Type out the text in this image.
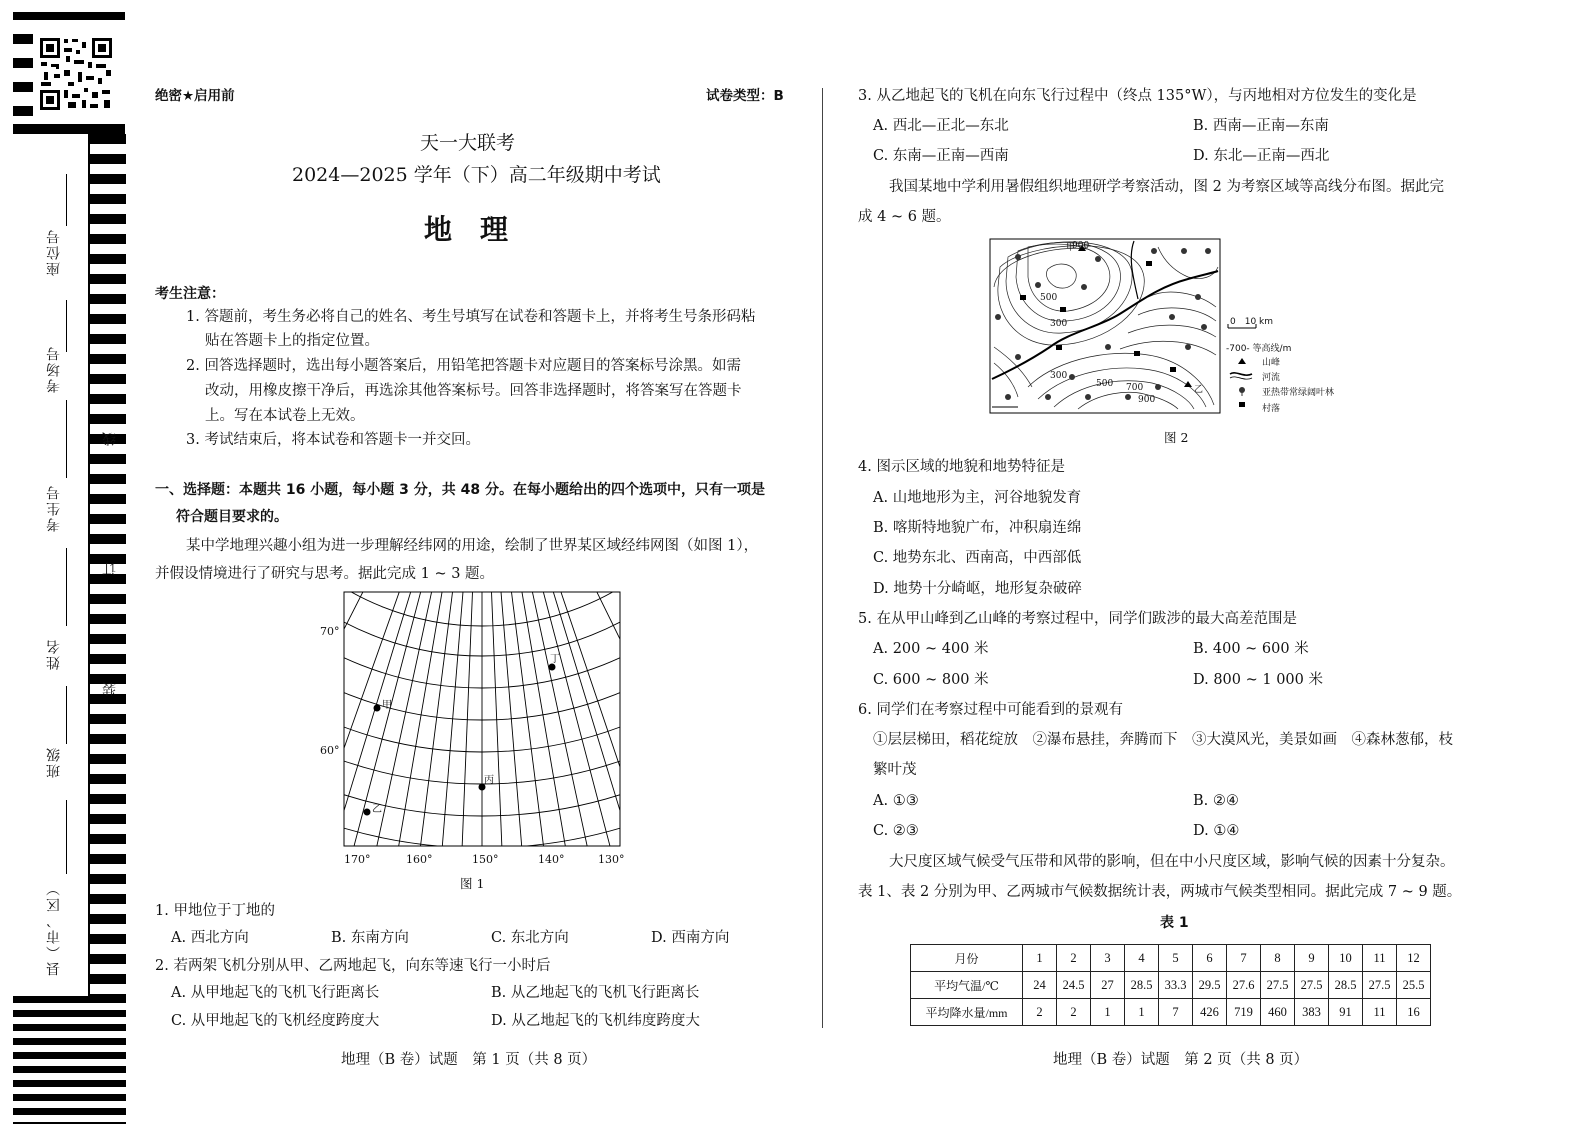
座位号
考场号
考生号
姓名
班级
县（市、区）
线
订
装
绝密★启用前	试卷类型：B
天一大联考
2024—2025 学年（下）高二年级期中考试
地　理
考生注意：
1. 答题前，考生务必将自己的姓名、考生号填写在试卷和答题卡上，并将考生号条形码粘
贴在答题卡上的指定位置。
2. 回答选择题时，选出每小题答案后，用铅笔把答题卡对应题目的答案标号涂黑。如需
改动，用橡皮擦干净后，再选涂其他答案标号。回答非选择题时，将答案写在答题卡
上。写在本试卷上无效。
3. 考试结束后，将本试卷和答题卡一并交回。
一、选择题：本题共 16 小题，每小题 3 分，共 48 分。在每小题给出的四个选项中，只有一项是
符合题目要求的。
某中学地理兴趣小组为进一步理解经纬网的用途，绘制了世界某区域经纬网图（如图 1），
并假设情境进行了研究与思考。据此完成 1 ~ 3 题。
70°
60°
170°	160°	150°	140°	130°
甲
乙
丙
丁
图 1
1. 甲地位于丁地的
A. 西北方向	B. 东南方向	C. 东北方向	D. 西南方向
2. 若两架飞机分别从甲、乙两地起飞，向东等速飞行一小时后
A. 从甲地起飞的飞机飞行距离长	B. 从乙地起飞的飞机飞行距离长
C. 从甲地起飞的飞机经度跨度大	D. 从乙地起飞的飞机纬度跨度大
地理（B 卷）试题　第 1 页（共 8 页）
3. 从乙地起飞的飞机在向东飞行过程中（终点 135°W），与丙地相对方位发生的变化是
A. 西北—正北—东北	B. 西南—正南—东南
C. 东南—正南—西南	D. 东北—正南—西北
我国某地中学利用暑假组织地理研学考察活动，图 2 为考察区域等高线分布图。据此完
成 4 ~ 6 题。
900
500
300
300
500 700
900
甲
乙
0　10 km
-700- 等高线/m
山峰
河流
亚热带常绿阔叶林
村落
图 2
4. 图示区域的地貌和地势特征是
A. 山地地形为主，河谷地貌发育
B. 喀斯特地貌广布，冲积扇连绵
C. 地势东北、西南高，中西部低
D. 地势十分崎岖，地形复杂破碎
5. 在从甲山峰到乙山峰的考察过程中，同学们跋涉的最大高差范围是
A. 200 ~ 400 米	B. 400 ~ 600 米
C. 600 ~ 800 米	D. 800 ~ 1 000 米
6. 同学们在考察过程中可能看到的景观有
①层层梯田，稻花绽放　②瀑布悬挂，奔腾而下　③大漠风光，美景如画　④森林葱郁，枝
繁叶茂
A. ①③	B. ②④
C. ②③	D. ①④
大尺度区域气候受气压带和风带的影响，但在中小尺度区域，影响气候的因素十分复杂。
表 1、表 2 分别为甲、乙两城市气候数据统计表，两城市气候类型相同。据此完成 7 ~ 9 题。
表 1
月份	1	2	3	4	5	6	7	8	9	10	11	12
平均气温/℃	24	24.5	27	28.5	33.3	29.5	27.6	27.5	27.5	28.5	27.5	25.5
平均降水量/mm	2	2	1	1	7	426	719	460	383	91	11	16
地理（B 卷）试题　第 2 页（共 8 页）
